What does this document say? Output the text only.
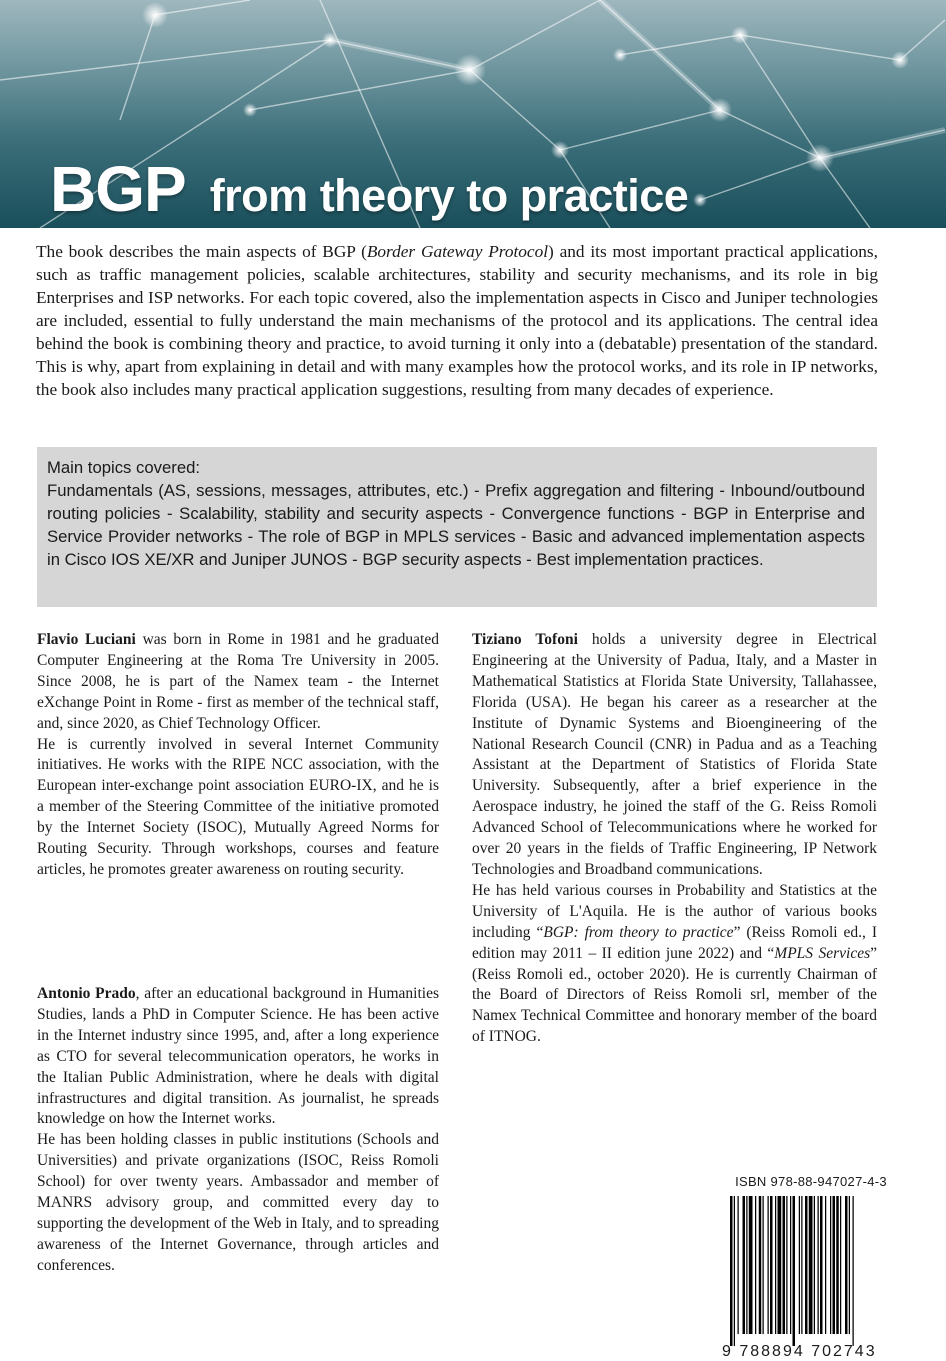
BGP from theory to practice

The book describes the main aspects of BGP (Border Gateway Protocol) and its most important practical applications, such as traffic management policies, scalable architectures, stability and security mechanisms, and its role in big Enterprises and ISP networks. For each topic covered, also the implementation aspects in Cisco and Juniper technologies are included, essential to fully understand the main mechanisms of the protocol and its applications. The central idea behind the book is combining theory and practice, to avoid turning it only into a (debatable) presentation of the standard. This is why, apart from explaining in detail and with many examples how the protocol works, and its role in IP networks, the book also includes many practical application suggestions, resulting from many decades of experience.

Main topics covered:
Fundamentals (AS, sessions, messages, attributes, etc.) - Prefix aggregation and filtering - Inbound/outbound routing policies - Scalability, stability and security aspects - Convergence functions - BGP in Enterprise and Service Provider networks - The role of BGP in MPLS services - Basic and advanced implementation aspects in Cisco IOS XE/XR and Juniper JUNOS - BGP security aspects - Best implementation practices.

Flavio Luciani was born in Rome in 1981 and he graduated Computer Engineering at the Roma Tre University in 2005. Since 2008, he is part of the Namex team - the Internet eXchange Point in Rome - first as member of the technical staff, and, since 2020, as Chief Technology Officer.

He is currently involved in several Internet Community initiatives. He works with the RIPE NCC association, with the European inter-exchange point association EURO-IX, and he is a member of the Steering Committee of the initiative promoted by the Internet Society (ISOC), Mutually Agreed Norms for Routing Security. Through workshops, courses and feature articles, he promotes greater awareness on routing security.

Antonio Prado, after an educational background in Humanities Studies, lands a PhD in Computer Science. He has been active in the Internet industry since 1995, and, after a long experience as CTO for several telecommunication operators, he works in the Italian Public Administration, where he deals with digital infrastructures and digital transition. As journalist, he spreads knowledge on how the Internet works.

He has been holding classes in public institutions (Schools and Universities) and private organizations (ISOC, Reiss Romoli School) for over twenty years. Ambassador and member of MANRS advisory group, and committed every day to supporting the development of the Web in Italy, and to spreading awareness of the Internet Governance, through articles and conferences.

Tiziano Tofoni holds a university degree in Electrical Engineering at the University of Padua, Italy, and a Master in Mathematical Statistics at Florida State University, Tallahassee, Florida (USA). He began his career as a researcher at the Institute of Dynamic Systems and Bioengineering of the National Research Council (CNR) in Padua and as a Teaching Assistant at the Department of Statistics of Florida State University. Subsequently, after a brief experience in the Aerospace industry, he joined the staff of the G. Reiss Romoli Advanced School of Telecommunications where he worked for over 20 years in the fields of Traffic Engineering, IP Network Technologies and Broadband communications.

He has held various courses in Probability and Statistics at the University of L'Aquila. He is the author of various books including “BGP: from theory to practice” (Reiss Romoli ed., I edition may 2011 – II edition june 2022) and “MPLS Services” (Reiss Romoli ed., october 2020). He is currently Chairman of the Board of Directors of Reiss Romoli srl, member of the Namex Technical Committee and honorary member of the board of ITNOG.

ISBN 978-88-947027-4-3
9 788894 702743
